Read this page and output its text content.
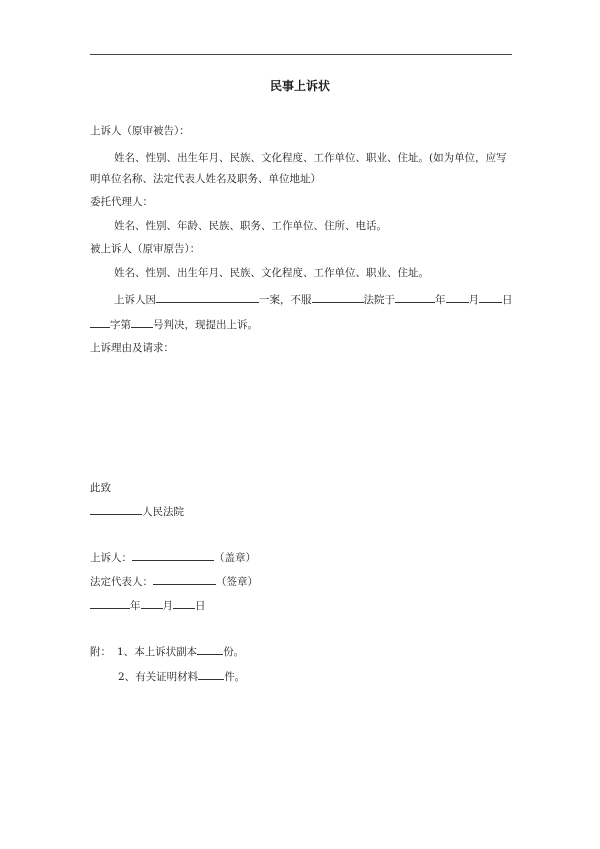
民事上诉状
上诉人（原审被告）：
姓名、性别、出生年月、民族、文化程度、工作单位、职业、住址。(如为单位，应写
明单位名称、法定代表人姓名及职务、单位地址）
委托代理人：
姓名、性别、年龄、民族、职务、工作单位、住所、电话。
被上诉人（原审原告）：
姓名、性别、出生年月、民族、文化程度、工作单位、职业、住址。
上诉人因	一案，不服	法院于	年 月 日
字第 号判决，现提出上诉。
上诉理由及请求：
此致
人民法院
上诉人：	（盖章）
法定代表人：	（签章）
年 月 日
附： 1、本上诉状副本 份。
2、有关证明材料 件。
